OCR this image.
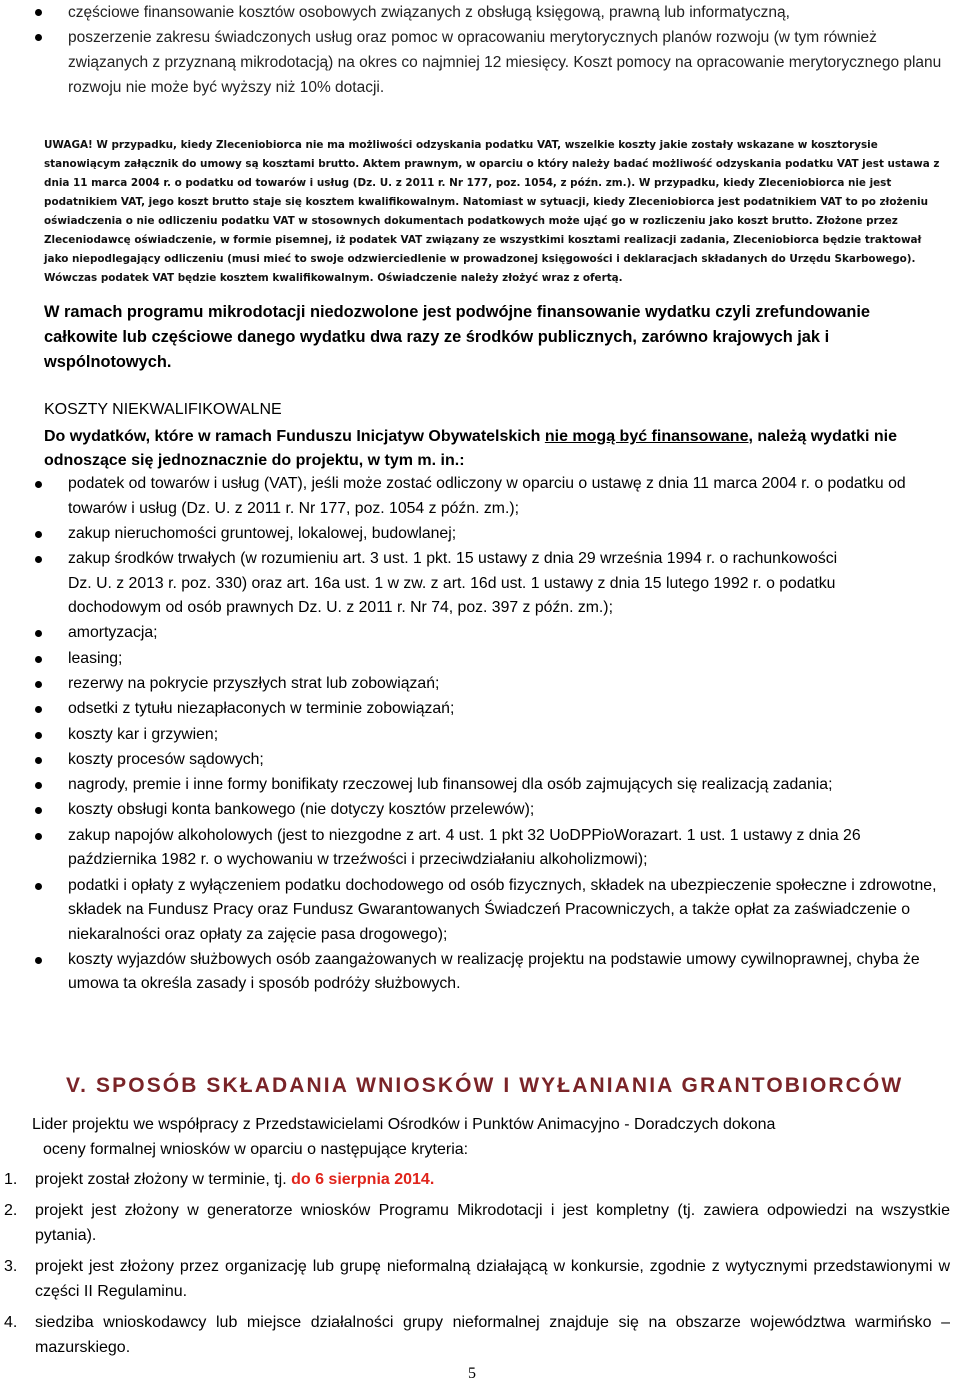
częściowe finansowanie kosztów osobowych związanych z obsługą księgową, prawną lub informatyczną,
poszerzenie zakresu świadczonych usług oraz pomoc w opracowaniu merytorycznych planów rozwoju (w tym również związanych z przyznaną mikrodotacją) na okres co najmniej 12 miesięcy. Koszt pomocy na opracowanie merytorycznego planu rozwoju nie może być wyższy niż 10% dotacji.

UWAGA! W przypadku, kiedy Zleceniobiorca nie ma możliwości odzyskania podatku VAT, wszelkie koszty jakie zostały wskazane w kosztorysie stanowiącym załącznik do umowy są kosztami brutto. Aktem prawnym, w oparciu o który należy badać możliwość odzyskania podatku VAT jest ustawa z dnia 11 marca 2004 r. o podatku od towarów i usług (Dz. U. z 2011 r. Nr 177, poz. 1054, z późn. zm.). W przypadku, kiedy Zleceniobiorca nie jest podatnikiem VAT, jego koszt brutto staje się kosztem kwalifikowalnym. Natomiast w sytuacji, kiedy Zleceniobiorca jest podatnikiem VAT to po złożeniu oświadczenia o nie odliczeniu podatku VAT w stosownych dokumentach podatkowych może ująć go w rozliczeniu jako koszt brutto. Złożone przez Zleceniodawcę oświadczenie, w formie pisemnej, iż podatek VAT związany ze wszystkimi kosztami realizacji zadania, Zleceniobiorca będzie traktował jako niepodlegający odliczeniu (musi mieć to swoje odzwierciedlenie w prowadzonej księgowości i deklaracjach składanych do Urzędu Skarbowego). Wówczas podatek VAT będzie kosztem kwalifikowalnym. Oświadczenie należy złożyć wraz z ofertą.

W ramach programu mikrodotacji niedozwolone jest podwójne finansowanie wydatku czyli zrefundowanie całkowite lub częściowe danego wydatku dwa razy ze środków publicznych, zarówno krajowych jak i wspólnotowych.

KOSZTY NIEKWALIFIKOWALNE

Do wydatków, które w ramach Funduszu Inicjatyw Obywatelskich nie mogą być finansowane, należą wydatki nie odnoszące się jednoznacznie do projektu, w tym m. in.:

podatek od towarów i usług (VAT), jeśli może zostać odliczony w oparciu o ustawę z dnia 11 marca 2004 r. o podatku od towarów i usług (Dz. U. z 2011 r. Nr 177, poz. 1054 z późn. zm.);
zakup nieruchomości gruntowej, lokalowej, budowlanej;
zakup środków trwałych (w rozumieniu art. 3 ust. 1 pkt. 15 ustawy z dnia 29 września 1994 r. o rachunkowości Dz. U. z 2013 r. poz. 330) oraz art. 16a ust. 1 w zw. z art. 16d ust. 1 ustawy z dnia 15 lutego 1992 r. o podatku dochodowym od osób prawnych Dz. U. z 2011 r. Nr 74, poz. 397 z późn. zm.);
amortyzacja;
leasing;
rezerwy na pokrycie przyszłych strat lub zobowiązań;
odsetki z tytułu niezapłaconych w terminie zobowiązań;
koszty kar i grzywien;
koszty procesów sądowych;
nagrody, premie i inne formy bonifikaty rzeczowej lub finansowej dla osób zajmujących się realizacją zadania;
koszty obsługi konta bankowego (nie dotyczy kosztów przelewów);
zakup napojów alkoholowych (jest to niezgodne z art. 4 ust. 1 pkt 32 UoDPPioWorazart. 1 ust. 1 ustawy z dnia 26 października 1982 r. o wychowaniu w trzeźwości i przeciwdziałaniu alkoholizmowi);
podatki i opłaty z wyłączeniem podatku dochodowego od osób fizycznych, składek na ubezpieczenie społeczne i zdrowotne, składek na Fundusz Pracy oraz Fundusz Gwarantowanych Świadczeń Pracowniczych, a także opłat za zaświadczenie o niekaralności oraz opłaty za zajęcie pasa drogowego);
koszty wyjazdów służbowych osób zaangażowanych w realizację projektu na podstawie umowy cywilnoprawnej, chyba że umowa ta określa zasady i sposób podróży służbowych.
V. SPOSÓB SKŁADANIA WNIOSKÓW I WYŁANIANIA GRANTOBIORCÓW

Lider projektu we współpracy z Przedstawicielami Ośrodków i Punktów Animacyjno - Doradczych dokona
oceny formalnej wniosków w oparciu o następujące kryteria:

1. projekt został złożony w terminie, tj. do 6 sierpnia 2014.
2. projekt jest złożony w generatorze wniosków Programu Mikrodotacji i jest kompletny (tj. zawiera odpowiedzi na wszystkie pytania).
3. projekt jest złożony przez organizację lub grupę nieformalną działającą w konkursie, zgodnie z wytycznymi przedstawionymi w części II Regulaminu.
4. siedziba wnioskodawcy lub miejsce działalności grupy nieformalnej znajduje się na obszarze województwa warmińsko – mazurskiego.
5
